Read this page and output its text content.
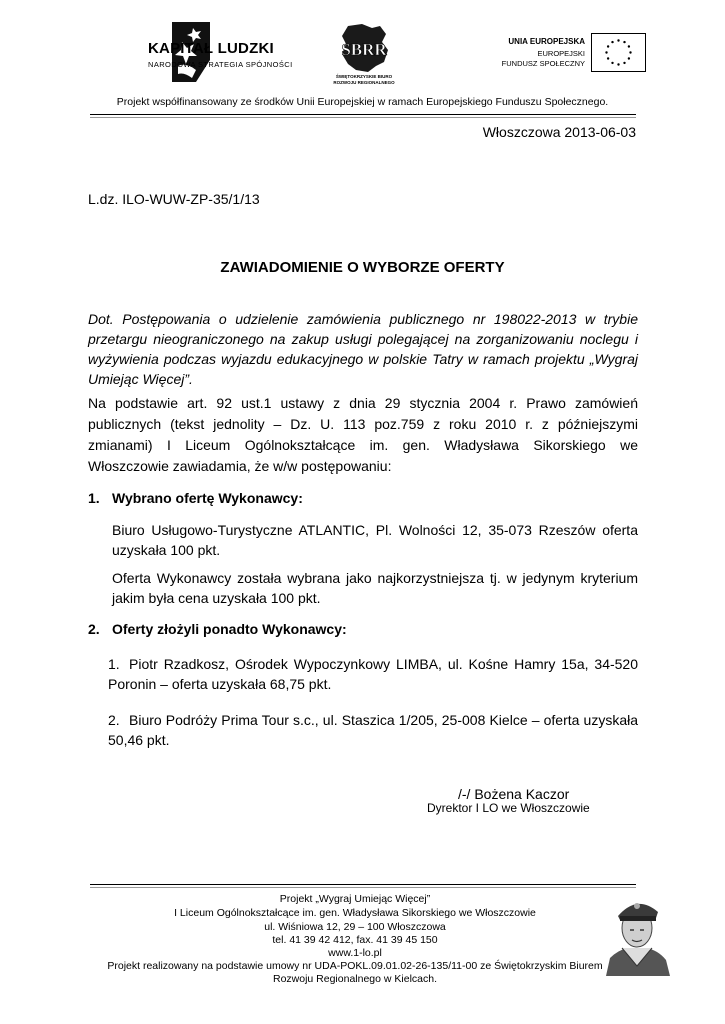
KAPITAŁ LUDZKI
NARODOWA STRATEGIA SPÓJNOŚCI
SBRR
ŚWIĘTOKRZYSKIE BIURO
ROZWOJU REGIONALNEGO
UNIA EUROPEJSKA
EUROPEJSKI
FUNDUSZ SPOŁECZNY
Projekt współfinansowany ze środków Unii Europejskiej w ramach Europejskiego Funduszu Społecznego.
Włoszczowa 2013-06-03
L.dz. ILO-WUW-ZP-35/1/13
ZAWIADOMIENIE O WYBORZE OFERTY
Dot. Postępowania o udzielenie zamówienia publicznego nr 198022-2013 w trybie przetargu nieograniczonego na zakup usługi polegającej na zorganizowaniu noclegu i wyżywienia podczas wyjazdu edukacyjnego w polskie Tatry w ramach projektu „Wygraj Umiejąc Więcej”.
Na podstawie art. 92 ust.1 ustawy z dnia 29 stycznia 2004 r. Prawo zamówień publicznych (tekst jednolity – Dz. U. 113 poz.759 z roku 2010 r. z późniejszymi zmianami) I Liceum Ogólnokształcące im. gen. Władysława Sikorskiego we Włoszczowie zawiadamia, że w/w postępowaniu:
1. Wybrano ofertę Wykonawcy:
Biuro Usługowo-Turystyczne ATLANTIC, Pl. Wolności 12, 35-073 Rzeszów oferta uzyskała 100 pkt.
Oferta Wykonawcy została wybrana jako najkorzystniejsza tj. w jedynym kryterium jakim była cena uzyskała 100 pkt.
2. Oferty złożyli ponadto Wykonawcy:
1. Piotr Rzadkosz, Ośrodek Wypoczynkowy LIMBA, ul. Kośne Hamry 15a, 34-520 Poronin – oferta uzyskała 68,75 pkt.
2. Biuro Podróży Prima Tour s.c., ul. Staszica 1/205, 25-008 Kielce – oferta uzyskała 50,46 pkt.
/-/ Bożena Kaczor
Dyrektor I LO we Włoszczowie
Projekt „Wygraj Umiejąc Więcej”
I Liceum Ogólnokształcące im. gen. Władysława Sikorskiego we Włoszczowie
ul. Wiśniowa 12, 29 – 100 Włoszczowa
tel. 41 39 42 412, fax. 41 39 45 150
www.1-lo.pl
Projekt realizowany na podstawie umowy nr UDA-POKL.09.01.02-26-135/11-00 ze Świętokrzyskim Biurem
Rozwoju Regionalnego w Kielcach.
